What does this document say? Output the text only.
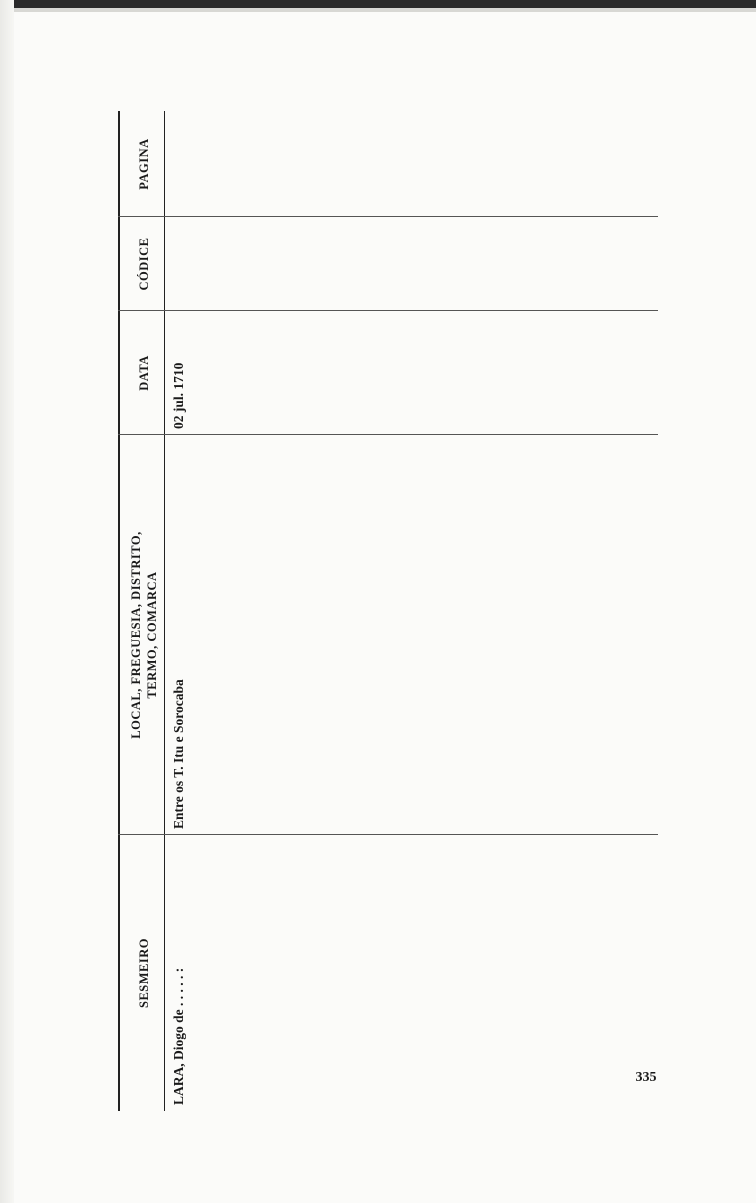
SESMEIRO
LOCAL, FREGUESIA, DISTRITO, TERMO, COMARCA
DATA
CÓDICE
PAGINA
LARA, Diogo de . . . . . :
Entre os T. Itu e Sorocaba
02 jul. 1710
335
